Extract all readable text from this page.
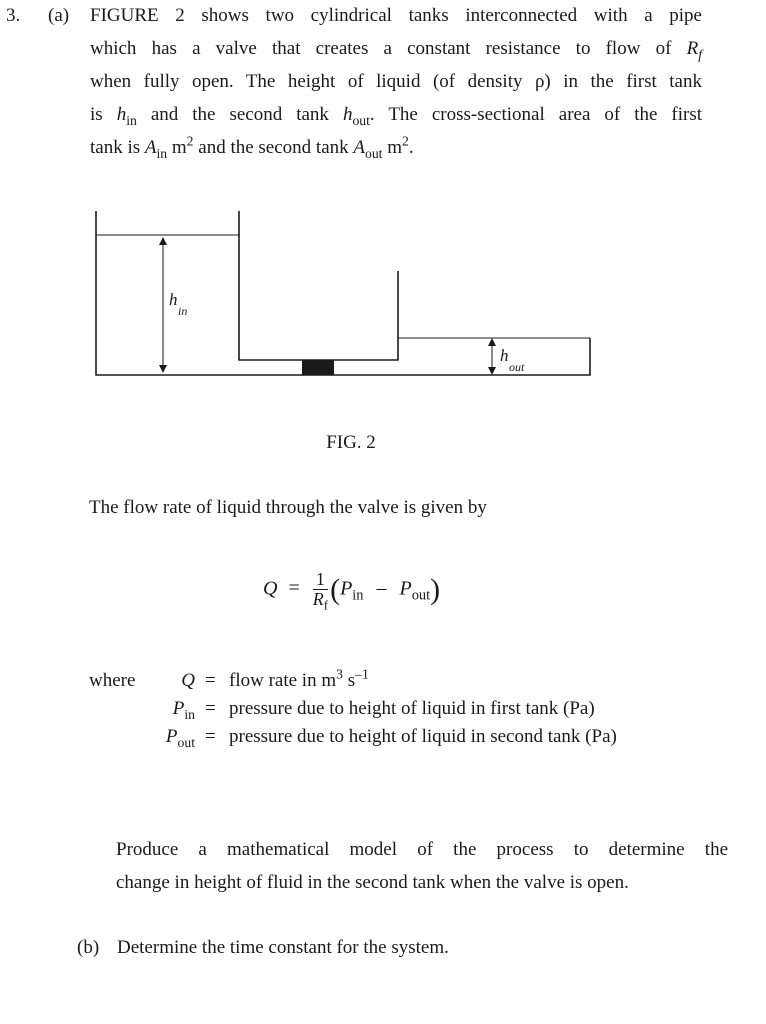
3. (a) FIGURE 2 shows two cylindrical tanks interconnected with a pipe
which has a valve that creates a constant resistance to flow of $R_f$
when fully open. The height of liquid (of density ρ) in the first tank
is $h_{in}$ and the second tank $h_{out}$. The cross-sectional area of the first
tank is $A_{in}$ $m^2$ and the second tank $A_{out}$ $m^2$.
h
in
h
out
FIG. 2
The flow rate of liquid through the valve is given by
$Q = \frac{1}{R_f} (P_{in} - P_{out})$
where	Q = flow rate in $m^3$ $s^{-1}$
$P_{in}$ = pressure due to height of liquid in first tank (Pa)
$P_{out}$ = pressure due to height of liquid in second tank (Pa)
Produce a mathematical model of the process to determine the
change in height of fluid in the second tank when the valve is open.
(b) Determine the time constant for the system.
